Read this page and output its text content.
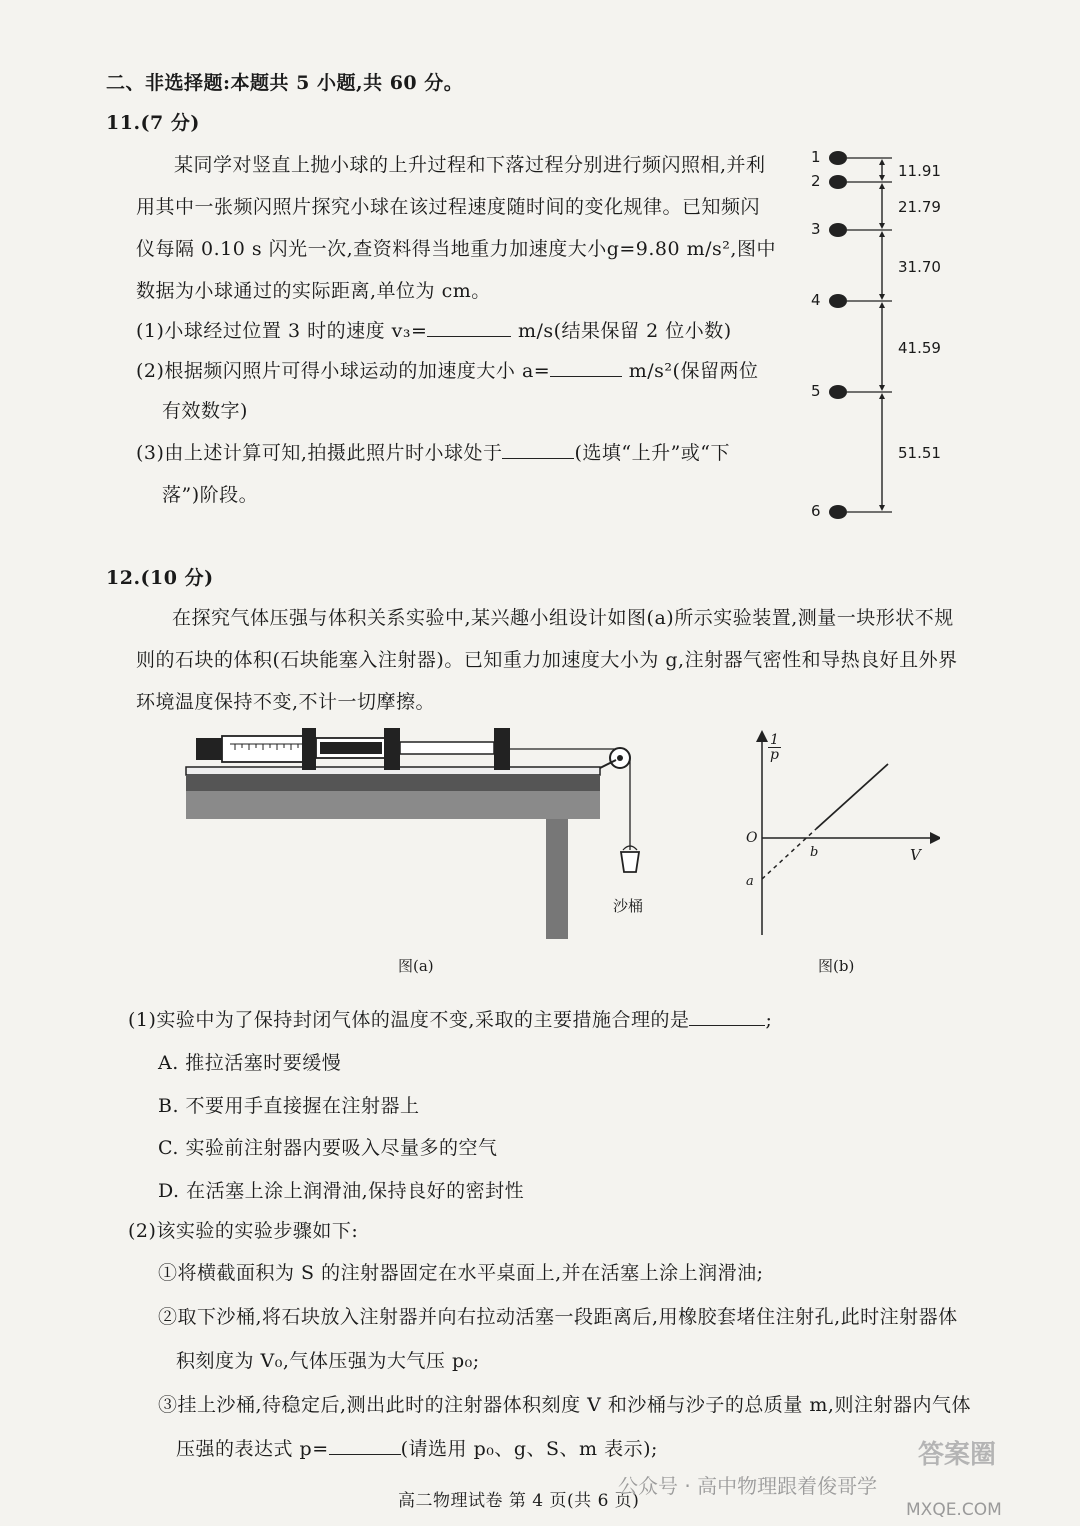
二、非选择题:本题共 5 小题,共 60 分。
11.(7 分)
某同学对竖直上抛小球的上升过程和下落过程分别进行频闪照相,并利
用其中一张频闪照片探究小球在该过程速度随时间的变化规律。已知频闪
仪每隔 0.10 s 闪光一次,查资料得当地重力加速度大小g=9.80 m/s²,图中
数据为小球通过的实际距离,单位为 cm。
(1)小球经过位置 3 时的速度 v₃=	m/s(结果保留 2 位小数)
(2)根据频闪照片可得小球运动的加速度大小 a=	m/s²(保留两位
有效数字)
(3)由上述计算可知,拍摄此照片时小球处于	(选填“上升”或“下
落”)阶段。
1
2
3
4
5
6
11.91
21.79
31.70
41.59
51.51
12.(10 分)
在探究气体压强与体积关系实验中,某兴趣小组设计如图(a)所示实验装置,测量一块形状不规
则的石块的体积(石块能塞入注射器)。已知重力加速度大小为 g,注射器气密性和导热良好且外界
环境温度保持不变,不计一切摩擦。
沙桶
图(a)
$\frac{1}{p}$
O
V
b
a
图(b)
(1)实验中为了保持封闭气体的温度不变,采取的主要措施合理的是	;
A. 推拉活塞时要缓慢
B. 不要用手直接握在注射器上
C. 实验前注射器内要吸入尽量多的空气
D. 在活塞上涂上润滑油,保持良好的密封性
(2)该实验的实验步骤如下:
①将横截面积为 S 的注射器固定在水平桌面上,并在活塞上涂上润滑油;
②取下沙桶,将石块放入注射器并向右拉动活塞一段距离后,用橡胶套堵住注射孔,此时注射器体
积刻度为 V₀,气体压强为大气压 p₀;
③挂上沙桶,待稳定后,测出此时的注射器体积刻度 V 和沙桶与沙子的总质量 m,则注射器内气体
压强的表达式 p=	(请选用 p₀、g、S、m 表示);
高二物理试卷 第 4 页(共 6 页)
公众号 · 高中物理跟着俊哥学
MXQE.COM
答案圈
